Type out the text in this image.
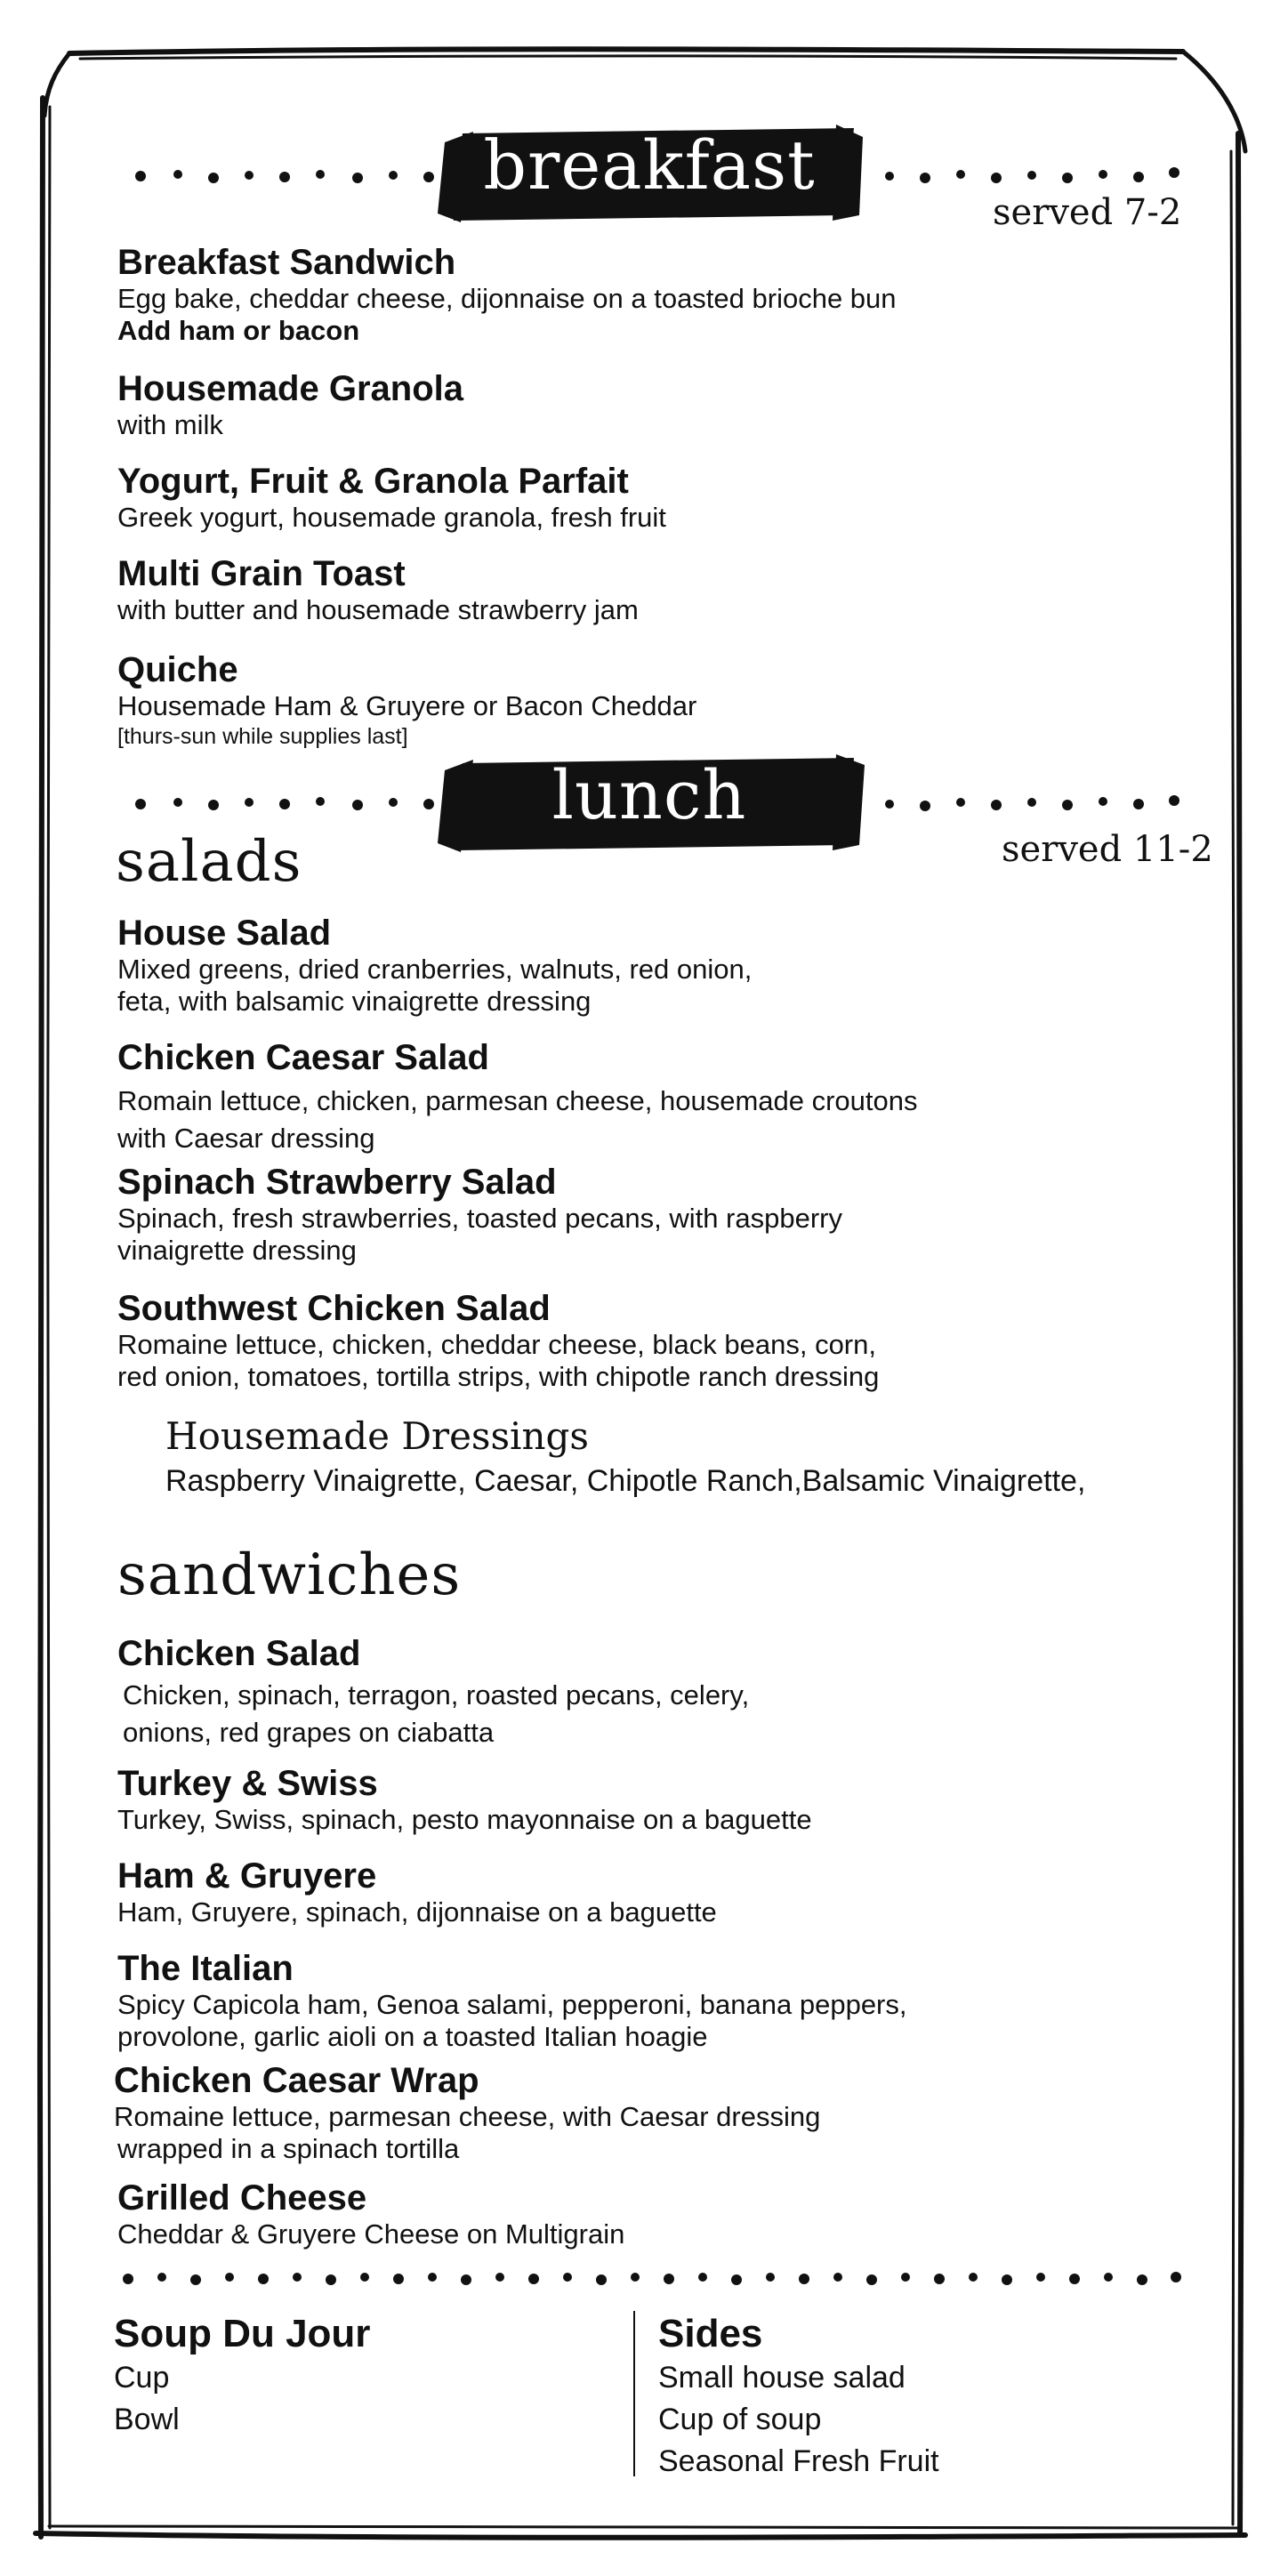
breakfast
served 7-2
Breakfast Sandwich
Egg bake, cheddar cheese, dijonnaise on a toasted brioche bun
Add ham or bacon
Housemade Granola
with milk
Yogurt, Fruit & Granola Parfait
Greek yogurt, housemade granola, fresh fruit
Multi Grain Toast
with butter and housemade strawberry jam
Quiche
Housemade Ham & Gruyere or Bacon Cheddar
[thurs-sun while supplies last]
lunch
served 11-2
salads
House Salad
Mixed greens, dried cranberries, walnuts, red onion,
feta, with balsamic vinaigrette dressing
Chicken Caesar Salad
Romain lettuce, chicken, parmesan cheese, housemade croutons
with Caesar dressing
Spinach Strawberry Salad
Spinach, fresh strawberries, toasted pecans, with raspberry
vinaigrette dressing
Southwest Chicken Salad
Romaine lettuce, chicken, cheddar cheese, black beans, corn,
red onion, tomatoes, tortilla strips, with chipotle ranch dressing
Housemade Dressings
Raspberry Vinaigrette, Caesar, Chipotle Ranch,Balsamic Vinaigrette,
sandwiches
Chicken Salad
Chicken, spinach, terragon, roasted pecans, celery,
onions, red grapes on ciabatta
Turkey & Swiss
Turkey, Swiss, spinach, pesto mayonnaise on a baguette
Ham & Gruyere
Ham, Gruyere, spinach, dijonnaise on a baguette
The Italian
Spicy Capicola ham, Genoa salami, pepperoni, banana peppers,
provolone, garlic aioli on a toasted Italian hoagie
Chicken Caesar Wrap
Romaine lettuce, parmesan cheese, with Caesar dressing
wrapped in a spinach tortilla
Grilled Cheese
Cheddar & Gruyere Cheese on Multigrain
Soup Du Jour
Cup
Bowl
Sides
Small house salad
Cup of soup
Seasonal Fresh Fruit
